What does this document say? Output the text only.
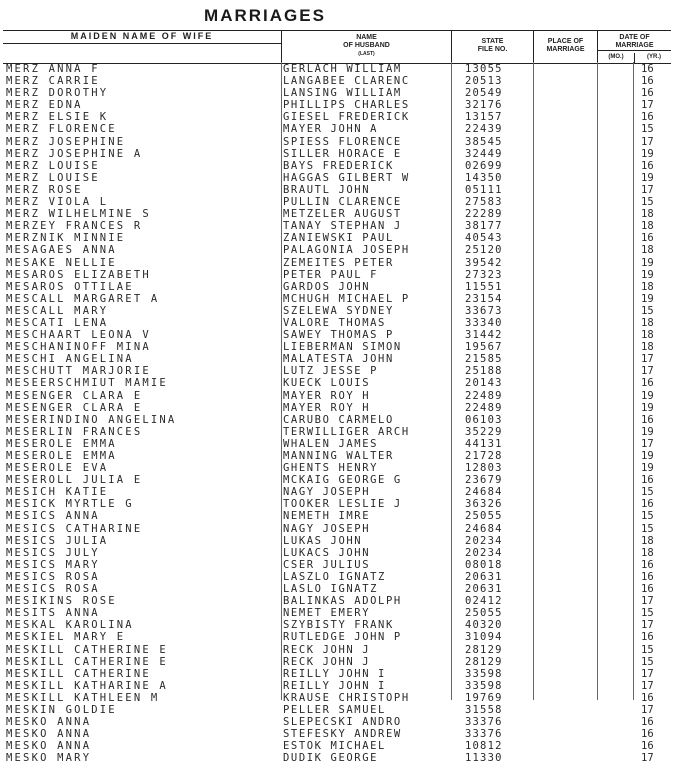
MARRIAGES
MAIDEN NAME OF WIFE	NAME
OF HUSBAND
(LAST)
STATE
FILE NO.
PLACE OF
MARRIAGE
DATE OF
MARRIAGE
(MO.)	(YR.)
MERZ ANNA F	GERLACH WILLIAM	13055	16
MERZ CARRIE	LANGABEE CLARENC	20513	16
MERZ DOROTHY	LANSING WILLIAM	20549	16
MERZ EDNA	PHILLIPS CHARLES	32176	17
MERZ ELSIE K	GIESEL FREDERICK	13157	16
MERZ FLORENCE	MAYER JOHN A	22439	15
MERZ JOSEPHINE	SPIESS FLORENCE	38545	17
MERZ JOSEPHINE A	SILLER HORACE E	32449	19
MERZ LOUISE	BAYS FREDERICK	02699	16
MERZ LOUISE	HAGGAS GILBERT W	14350	19
MERZ ROSE	BRAUTL JOHN	05111	17
MERZ VIOLA L	PULLIN CLARENCE	27583	15
MERZ WILHELMINE S	METZELER AUGUST	22289	18
MERZEY FRANCES R	TANAY STEPHAN J	38177	18
MERZNIK MINNIE	ZANIEWSKI PAUL	40543	16
MESAGAES ANNA	PALAGONIA JOSEPH	25120	18
MESAKE NELLIE	ZEMEITES PETER	39542	19
MESAROS ELIZABETH	PETER PAUL F	27323	19
MESAROS OTTILAE	GARDOS JOHN	11551	18
MESCALL MARGARET A	MCHUGH MICHAEL P	23154	19
MESCALL MARY	SZELEWA SYDNEY	33673	15
MESCATI LENA	VALORE THOMAS	33340	18
MESCHAART LEONA V	SAWEY THOMAS P	31442	18
MESCHANINOFF MINA	LIEBERMAN SIMON	19567	18
MESCHI ANGELINA	MALATESTA JOHN	21585	17
MESCHUTT MARJORIE	LUTZ JESSE P	25188	17
MESEERSCHMIUT MAMIE	KUECK LOUIS	20143	16
MESENGER CLARA E	MAYER ROY H	22489	19
MESENGER CLARA E	MAYER ROY H	22489	19
MESERINDINO ANGELINA	CARUBO CARMELO	06103	16
MESERLIN FRANCES	TERWILLIGER ARCH	35229	19
MESEROLE EMMA	WHALEN JAMES	44131	17
MESEROLE EMMA	MANNING WALTER	21728	19
MESEROLE EVA	GHENTS HENRY	12803	19
MESEROLL JULIA E	MCKAIG GEORGE G	23679	16
MESICH KATIE	NAGY JOSEPH	24684	15
MESICK MYRTLE G	TOOKER LESLIE J	36326	16
MESICS ANNA	NEMETH IMRE	25055	15
MESICS CATHARINE	NAGY JOSEPH	24684	15
MESICS JULIA	LUKAS JOHN	20234	18
MESICS JULY	LUKACS JOHN	20234	18
MESICS MARY	CSER JULIUS	08018	16
MESICS ROSA	LASZLO IGNATZ	20631	16
MESICS ROSA	LASLO IGNATZ	20631	16
MESIKINS ROSE	BALINKAS ADOLPH	02412	17
MESITS ANNA	NEMET EMERY	25055	15
MESKAL KAROLINA	SZYBISTY FRANK	40320	17
MESKIEL MARY E	RUTLEDGE JOHN P	31094	16
MESKILL CATHERINE E	RECK JOHN J	28129	15
MESKILL CATHERINE E	RECK JOHN J	28129	15
MESKILL CATHERINE	REILLY JOHN I	33598	17
MESKILL KATHARINE A	REILLY JOHN I	33598	17
MESKILL KATHLEEN M	KRAUSE CHRISTOPH	19769	16
MESKIN GOLDIE	PELLER SAMUEL	31558	17
MESKO ANNA	SLEPECSKI ANDRO	33376	16
MESKO ANNA	STEFESKY ANDREW	33376	16
MESKO ANNA	ESTOK MICHAEL	10812	16
MESKO MARY	DUDIK GEORGE	11330	17
